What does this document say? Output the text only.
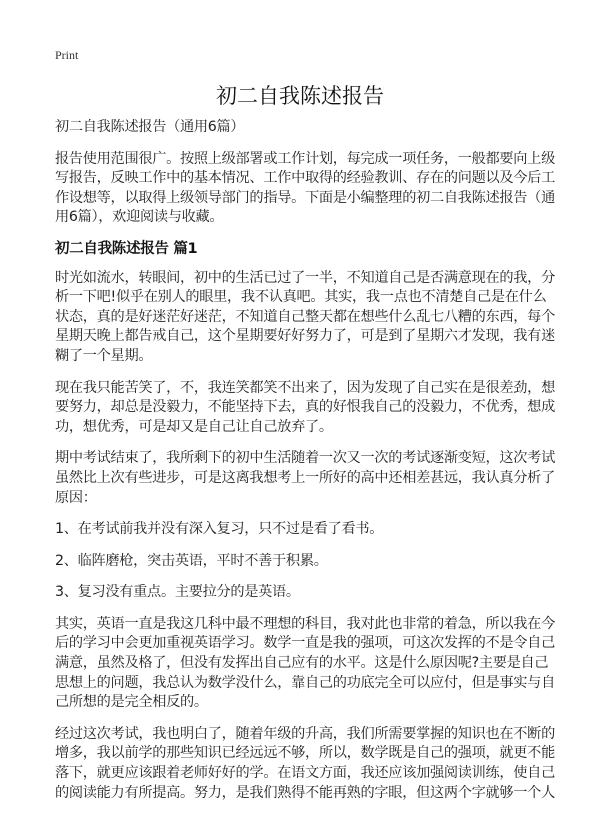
Print
初二自我陈述报告

初二自我陈述报告（通用6篇）

报告使用范围很广。按照上级部署或工作计划，每完成一项任务，一般都要向上级
写报告，反映工作中的基本情况、工作中取得的经验教训、存在的问题以及今后工
作设想等，以取得上级领导部门的指导。下面是小编整理的初二自我陈述报告（通
用6篇），欢迎阅读与收藏。

初二自我陈述报告 篇1

时光如流水，转眼间，初中的生活已过了一半，不知道自己是否满意现在的我，分
析一下吧!似乎在别人的眼里，我不认真吧。其实，我一点也不清楚自己是在什么
状态，真的是好迷茫好迷茫，不知道自己整天都在想些什么乱七八糟的东西，每个
星期天晚上都告戒自己，这个星期要好好努力了，可是到了星期六才发现，我有迷
糊了一个星期。

现在我只能苦笑了，不，我连笑都笑不出来了，因为发现了自己实在是很差劲，想
要努力，却总是没毅力，不能坚持下去，真的好恨我自己的没毅力，不优秀，想成
功，想优秀，可是却又是自己让自己放弃了。

期中考试结束了，我所剩下的初中生活随着一次又一次的考试逐渐变短，这次考试
虽然比上次有些进步，可是这离我想考上一所好的高中还相差甚远，我认真分析了
原因：

1、在考试前我并没有深入复习，只不过是看了看书。

2、临阵磨枪，突击英语，平时不善于积累。

3、复习没有重点。主要拉分的是英语。

其实，英语一直是我这几科中最不理想的科目，我对此也非常的着急，所以我在今
后的学习中会更加重视英语学习。数学一直是我的强项，可这次发挥的不是令自己
满意，虽然及格了，但没有发挥出自己应有的水平。这是什么原因呢?主要是自己
思想上的问题，我总认为数学没什么，靠自己的功底完全可以应付，但是事实与自
己所想的是完全相反的。

经过这次考试，我也明白了，随着年级的升高，我们所需要掌握的知识也在不断的
增多，我以前学的那些知识已经远远不够，所以，数学既是自己的强项，就更不能
落下，就更应该跟着老师好好的学。在语文方面，我还应该加强阅读训练，使自己
的阅读能力有所提高。努力，是我们熟得不能再熟的字眼，但这两个字就够一个人
